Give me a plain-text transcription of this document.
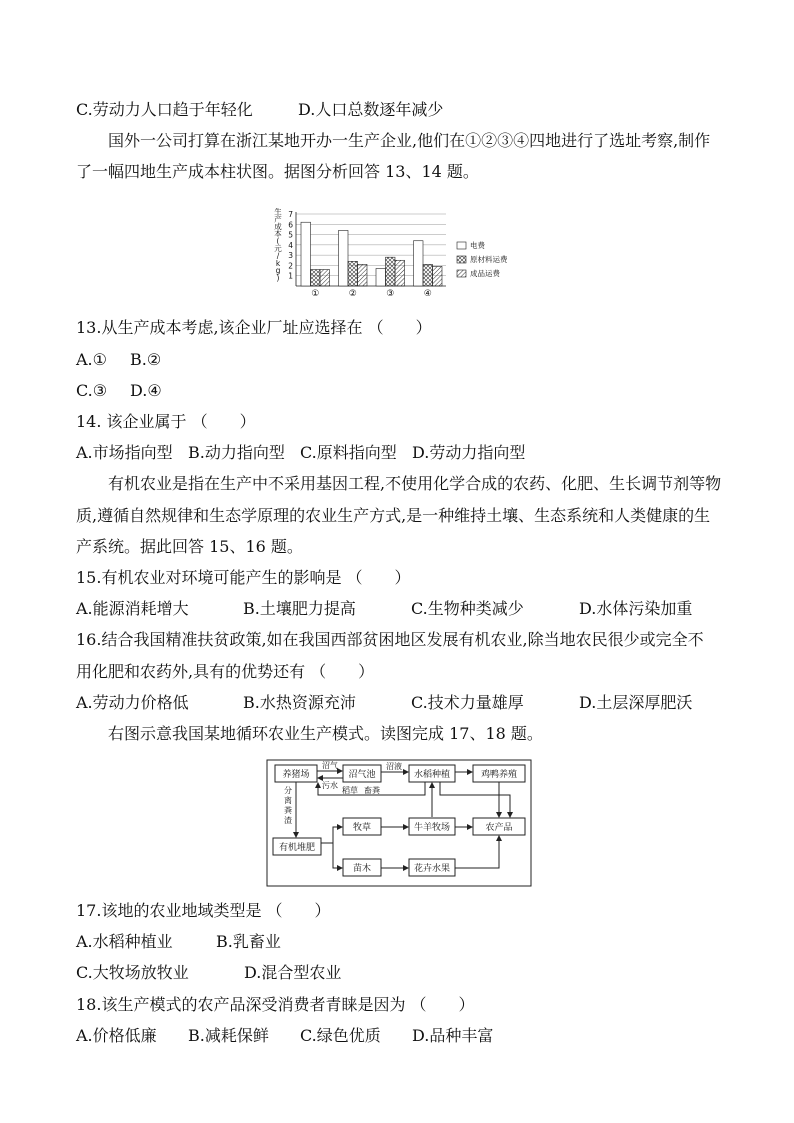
C.劳动力人口趋于年轻化	D.人口总数逐年减少
国外一公司打算在浙江某地开办一生产企业,他们在①②③④四地进行了选址考察,制作
了一幅四地生产成本柱状图。据图分析回答 13、14 题。
生产成本(元/ k g )	1
2
3
4
5
6
7
①	②	③	④
电费
原材料运费
成品运费
13.从生产成本考虑,该企业厂址应选择在 （　　）
A.① B.②
C.③ D.④
14. 该企业属于 （　　）
A.市场指向型 B.动力指向型 C.原料指向型 D.劳动力指向型
有机农业是指在生产中不采用基因工程,不使用化学合成的农药、化肥、生长调节剂等物
质,遵循自然规律和生态学原理的农业生产方式,是一种维持土壤、生态系统和人类健康的生
产系统。据此回答 15、16 题。
15.有机农业对环境可能产生的影响是 （　　）
A.能源消耗增大	B.土壤肥力提高	C.生物种类减少	D.水体污染加重
16.结合我国精准扶贫政策,如在我国西部贫困地区发展有机农业,除当地农民很少或完全不
用化肥和农药外,具有的优势还有 （　　）
A.劳动力价格低	B.水热资源充沛	C.技术力量雄厚	D.土层深厚肥沃
右图示意我国某地循环农业生产模式。读图完成 17、18 题。
养猪场	沼气池	水稻种植	鸡鸭养殖
牧草	牛羊牧场	农产品
有机堆肥
苗木	花卉水果
沼气
污水
沼液
稻草 畜粪
分
离
粪
渣
17.该地的农业地域类型是 （　　）
A.水稻种植业	B.乳畜业
C.大牧场放牧业	D.混合型农业
18.该生产模式的农产品深受消费者青睐是因为 （　　）
A.价格低廉 B.减耗保鲜 C.绿色优质 D.品种丰富
